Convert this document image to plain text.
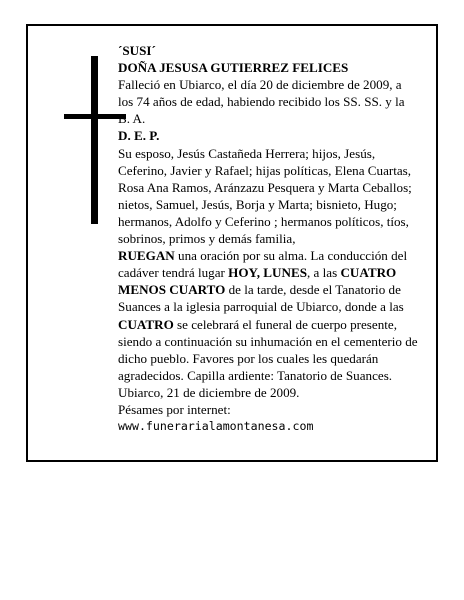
´SUSI´

DOÑA JESUSA GUTIERREZ FELICES

Falleció en Ubiarco, el día 20 de diciembre de 2009, a los 74 años de edad, habiendo recibido los SS. SS. y la B. A.

D. E. P.

Su esposo, Jesús Castañeda Herrera; hijos, Jesús, Ceferino, Javier y Rafael; hijas políticas, Elena Cuartas, Rosa Ana Ramos, Aránzazu Pesquera y Marta Ceballos; nietos, Samuel, Jesús, Borja y Marta; bisnieto, Hugo; hermanos, Adolfo y Ceferino ; hermanos políticos, tíos, sobrinos, primos y demás familia,

RUEGAN una oración por su alma. La conducción del cadáver tendrá lugar HOY, LUNES, a las CUATRO MENOS CUARTO de la tarde, desde el Tanatorio de Suances a la iglesia parroquial de Ubiarco, donde a las CUATRO se celebrará el funeral de cuerpo presente, siendo a continuación su inhumación en el cementerio de dicho pueblo. Favores por los cuales les quedarán agradecidos. Capilla ardiente: Tanatorio de Suances.

Ubiarco, 21 de diciembre de 2009.

Pésames por internet:

www.funerarialamontanesa.com
